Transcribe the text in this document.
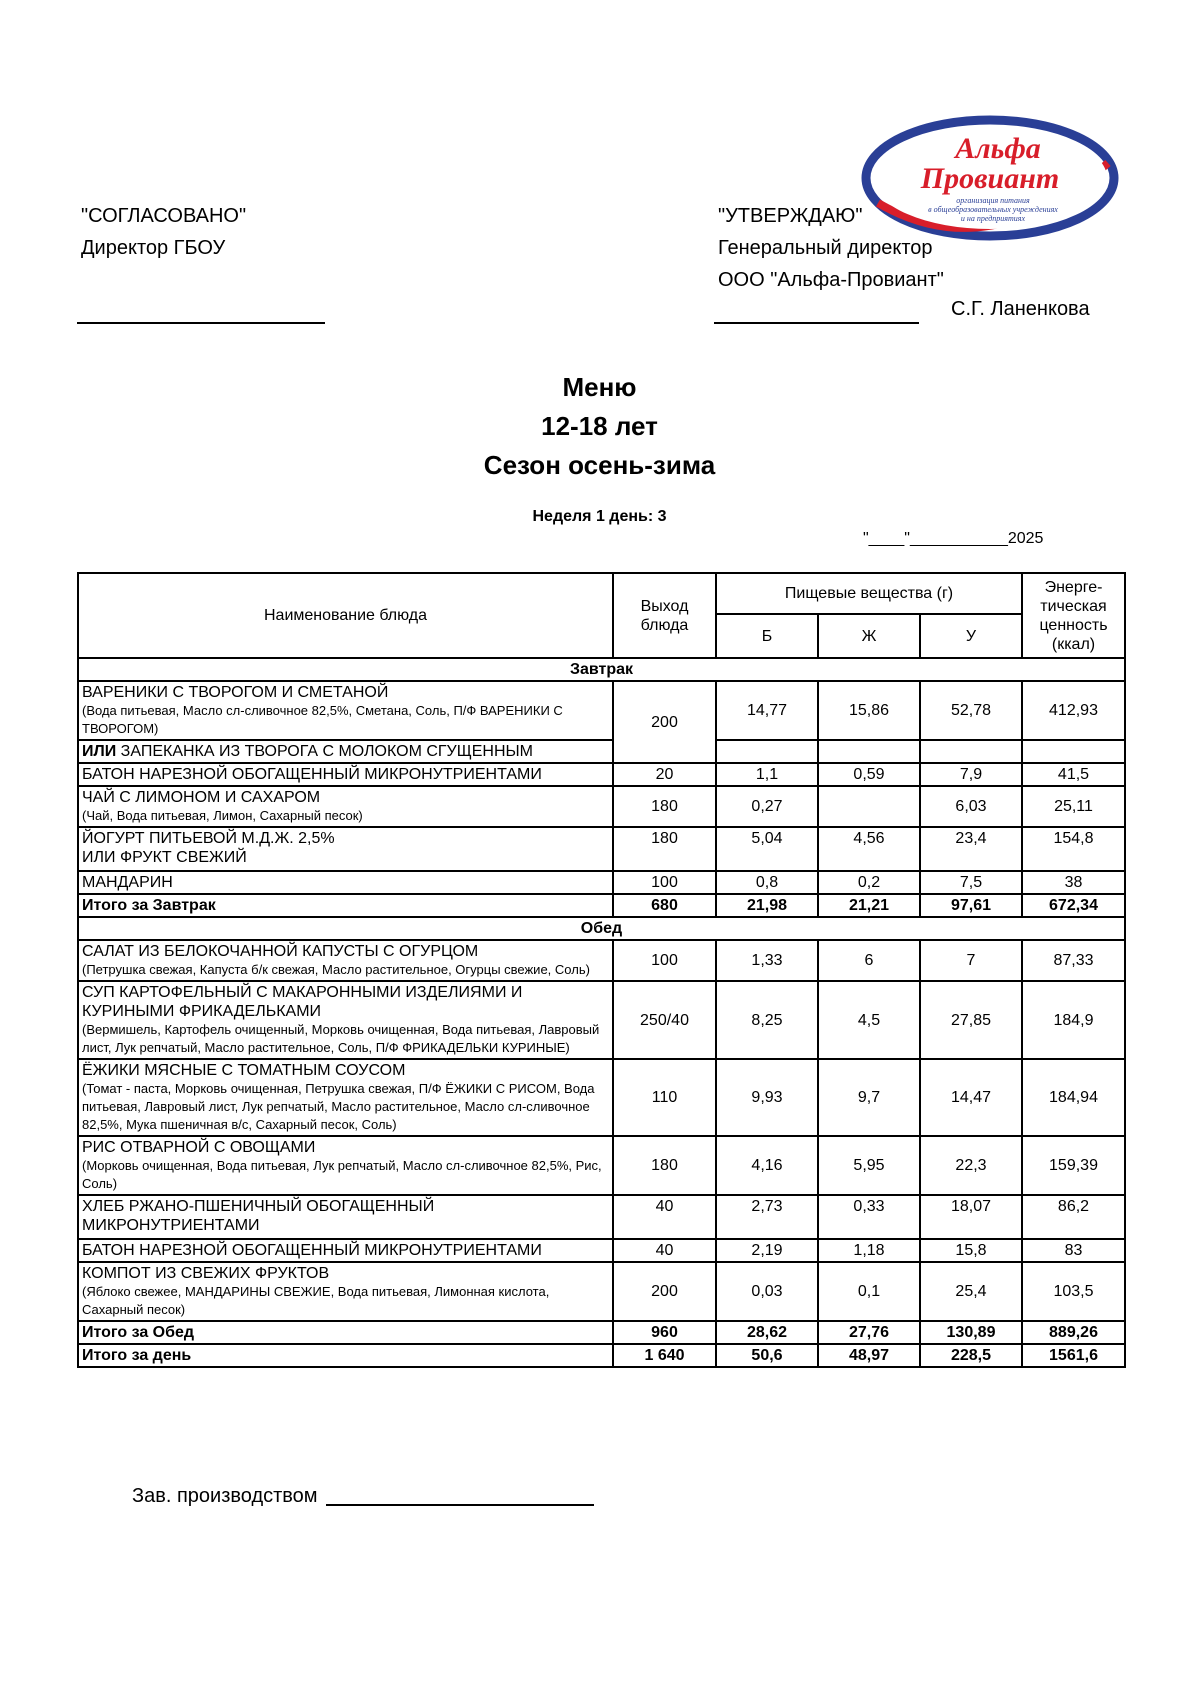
"СОГЛАСОВАНО"
Директор ГБОУ
"УТВЕРЖДАЮ"
Генеральный директор
ООО "Альфа-Провиант"
С.Г. Ланенкова
Альфа
Провиант
организация питания
в общеобразовательных учреждениях
и на предприятиях
Меню
12-18 лет
Сезон осень-зима
Неделя 1 день: 3
"____"___________2025
Наименование блюда	Выход блюда	Пищевые вещества (г)			Энерге-тическая ценность (ккал)
		Б	Ж	У	
Завтрак					

ВАРЕНИКИ С ТВОРОГОМ И СМЕТАНОЙ
(Вода питьевая, Масло сл-сливочное 82,5%, Сметана, Соль, П/Ф ВАРЕНИКИ С ТВОРОГОМ)	200	14,77	15,86	52,78	412,93
ИЛИ ЗАПЕКАНКА ИЗ ТВОРОГА С МОЛОКОМ СГУЩЕННЫМ					
БАТОН НАРЕЗНОЙ ОБОГАЩЕННЫЙ МИКРОНУТРИЕНТАМИ	20	1,1	0,59	7,9	41,5

ЧАЙ С ЛИМОНОМ И САХАРОМ
(Чай, Вода питьевая, Лимон, Сахарный песок)	180	0,27		6,03	25,11

ЙОГУРТ ПИТЬЕВОЙ М.Д.Ж. 2,5%
ИЛИ ФРУКТ СВЕЖИЙ	180	5,04	4,56	23,4	154,8
МАНДАРИН	100	0,8	0,2	7,5	38
Итого за Завтрак	680	21,98	21,21	97,61	672,34
Обед					

САЛАТ ИЗ БЕЛОКОЧАННОЙ КАПУСТЫ С ОГУРЦОМ
(Петрушка свежая, Капуста б/к свежая, Масло растительное, Огурцы свежие, Соль)	100	1,33	6	7	87,33

СУП КАРТОФЕЛЬНЫЙ С МАКАРОННЫМИ ИЗДЕЛИЯМИ И КУРИНЫМИ ФРИКАДЕЛЬКАМИ
(Вермишель, Картофель очищенный, Морковь очищенная, Вода питьевая, Лавровый лист, Лук репчатый, Масло растительное, Соль, П/Ф ФРИКАДЕЛЬКИ КУРИНЫЕ)	250/40	8,25	4,5	27,85	184,9

ЁЖИКИ МЯСНЫЕ С ТОМАТНЫМ СОУСОМ
(Томат - паста, Морковь очищенная, Петрушка свежая, П/Ф ЁЖИКИ С РИСОМ, Вода питьевая, Лавровый лист, Лук репчатый, Масло растительное, Масло сл-сливочное 82,5%, Мука пшеничная в/с, Сахарный песок, Соль)	110	9,93	9,7	14,47	184,94

РИС ОТВАРНОЙ С ОВОЩАМИ
(Морковь очищенная, Вода питьевая, Лук репчатый, Масло сл-сливочное 82,5%, Рис, Соль)	180	4,16	5,95	22,3	159,39
ХЛЕБ РЖАНО-ПШЕНИЧНЫЙ ОБОГАЩЕННЫЙ МИКРОНУТРИЕНТАМИ	40	2,73	0,33	18,07	86,2
БАТОН НАРЕЗНОЙ ОБОГАЩЕННЫЙ МИКРОНУТРИЕНТАМИ	40	2,19	1,18	15,8	83

КОМПОТ ИЗ СВЕЖИХ ФРУКТОВ
(Яблоко свежее, МАНДАРИНЫ СВЕЖИЕ, Вода питьевая, Лимонная кислота, Сахарный песок)	200	0,03	0,1	25,4	103,5
Итого за Обед	960	28,62	27,76	130,89	889,26
Итого за день	1 640	50,6	48,97	228,5	1561,6
Зав. производством
